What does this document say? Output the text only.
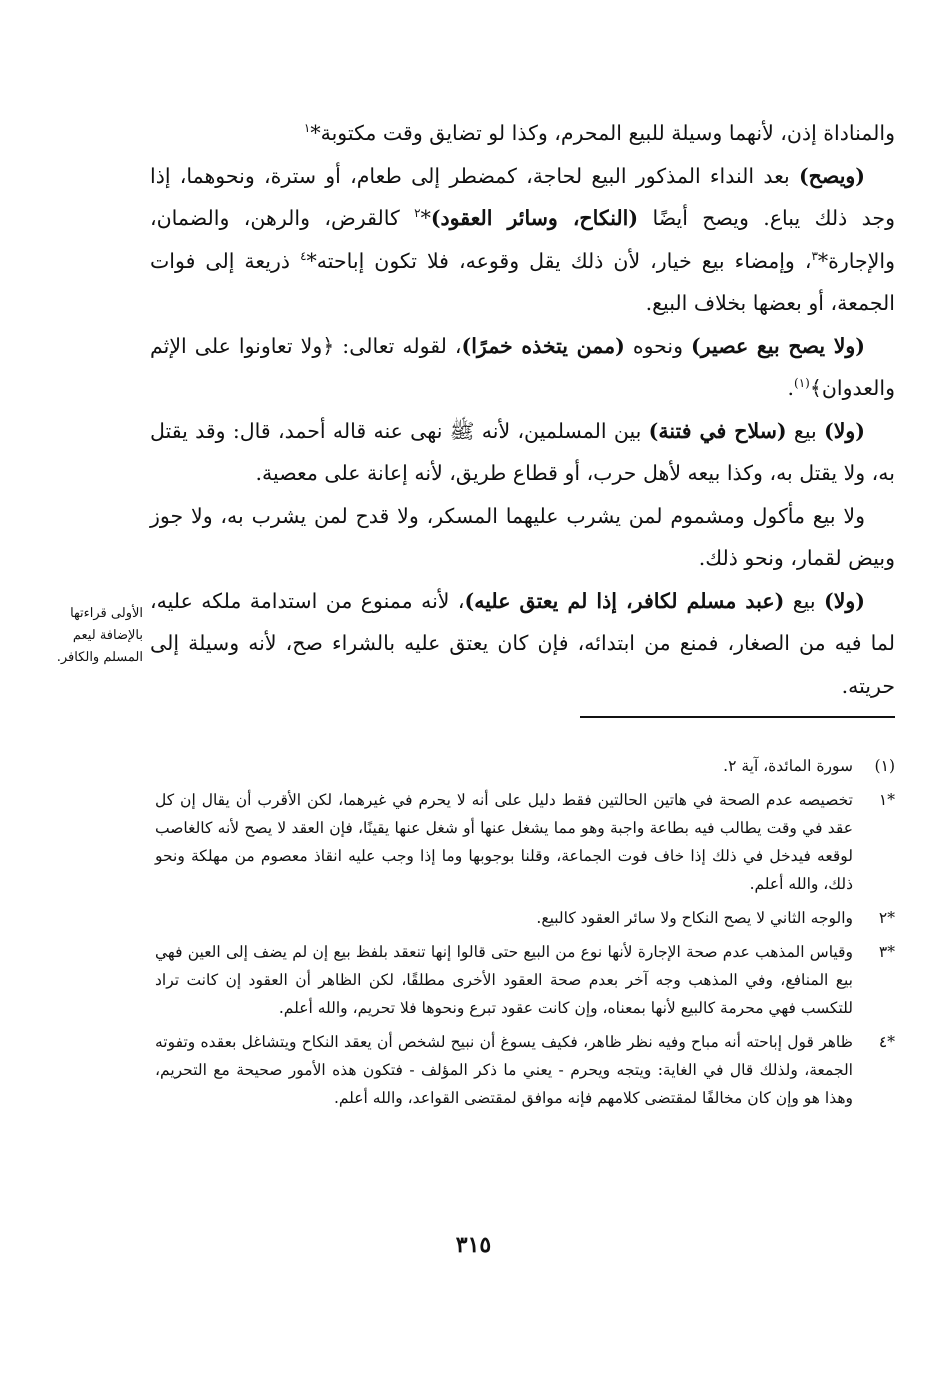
والمناداة إذن، لأنهما وسيلة للبيع المحرم، وكذا لو تضايق وقت مكتوبة*$^١$

(ويصح) بعد النداء المذكور البيع لحاجة، كمضطر إلى طعام، أو سترة، ونحوهما، إذا وجد ذلك يباع. ويصح أيضًا (النكاح، وسائر العقود)*$^٢$ كالقرض، والرهن، والضمان، والإجارة*$^٣$، وإمضاء بيع خيار، لأن ذلك يقل وقوعه، فلا تكون إباحته*$^٤$ ذريعة إلى فوات الجمعة، أو بعضها بخلاف البيع.

(ولا يصح بيع عصير) ونحوه (ممن يتخذه خمرًا)، لقوله تعالى: ﴿ولا تعاونوا على الإثم والعدوان﴾$^{(١)}$.

(ولا) بيع (سلاح في فتنة) بين المسلمين، لأنه ﷺ نهى عنه قاله أحمد، قال: وقد يقتل به، ولا يقتل به، وكذا بيعه لأهل حرب، أو قطاع طريق، لأنه إعانة على معصية.

ولا بيع مأكول ومشموم لمن يشرب عليهما المسكر، ولا قدح لمن يشرب به، ولا جوز وبيض لقمار، ونحو ذلك.

(ولا) بيع (عبد مسلم لكافر، إذا لم يعتق عليه)، لأنه ممنوع من استدامة ملكه عليه، لما فيه من الصغار، فمنع من ابتدائه، فإن كان يعتق عليه بالشراء صح، لأنه وسيلة إلى حريته.

الأولى قراءتها بالإضافة ليعم المسلم والكافر.
(١)
سورة المائدة، آية ٢.
*١
تخصيصه عدم الصحة في هاتين الحالتين فقط دليل على أنه لا يحرم في غيرهما، لكن الأقرب أن يقال إن كل عقد في وقت يطالب فيه بطاعة واجبة وهو مما يشغل عنها أو شغل عنها يقينًا، فإن العقد لا يصح لأنه كالغاصب لوقعه فيدخل في ذلك إذا خاف فوت الجماعة، وقلنا بوجوبها وما إذا وجب عليه انقاذ معصوم من مهلكة ونحو ذلك، والله أعلم.
*٢
والوجه الثاني لا يصح النكاح ولا سائر العقود كالبيع.
*٣
وقياس المذهب عدم صحة الإجارة لأنها نوع من البيع حتى قالوا إنها تنعقد بلفظ بيع إن لم يضف إلى العين فهي بيع المنافع، وفي المذهب وجه آخر بعدم صحة العقود الأخرى مطلقًا، لكن الظاهر أن العقود إن كانت تراد للتكسب فهي محرمة كالبيع لأنها بمعناه، وإن كانت عقود تبرع ونحوها فلا تحريم، والله أعلم.
*٤
ظاهر قول إباحته أنه مباح وفيه نظر ظاهر، فكيف يسوغ أن نبيح لشخص أن يعقد النكاح ويتشاغل بعقده وتفوته الجمعة، ولذلك قال في الغاية: ويتجه ويحرم - يعني ما ذكر المؤلف - فتكون هذه الأمور صحيحة مع التحريم، وهذا هو وإن كان مخالفًا لمقتضى كلامهم فإنه موافق لمقتضى القواعد، والله أعلم.
٣١٥
